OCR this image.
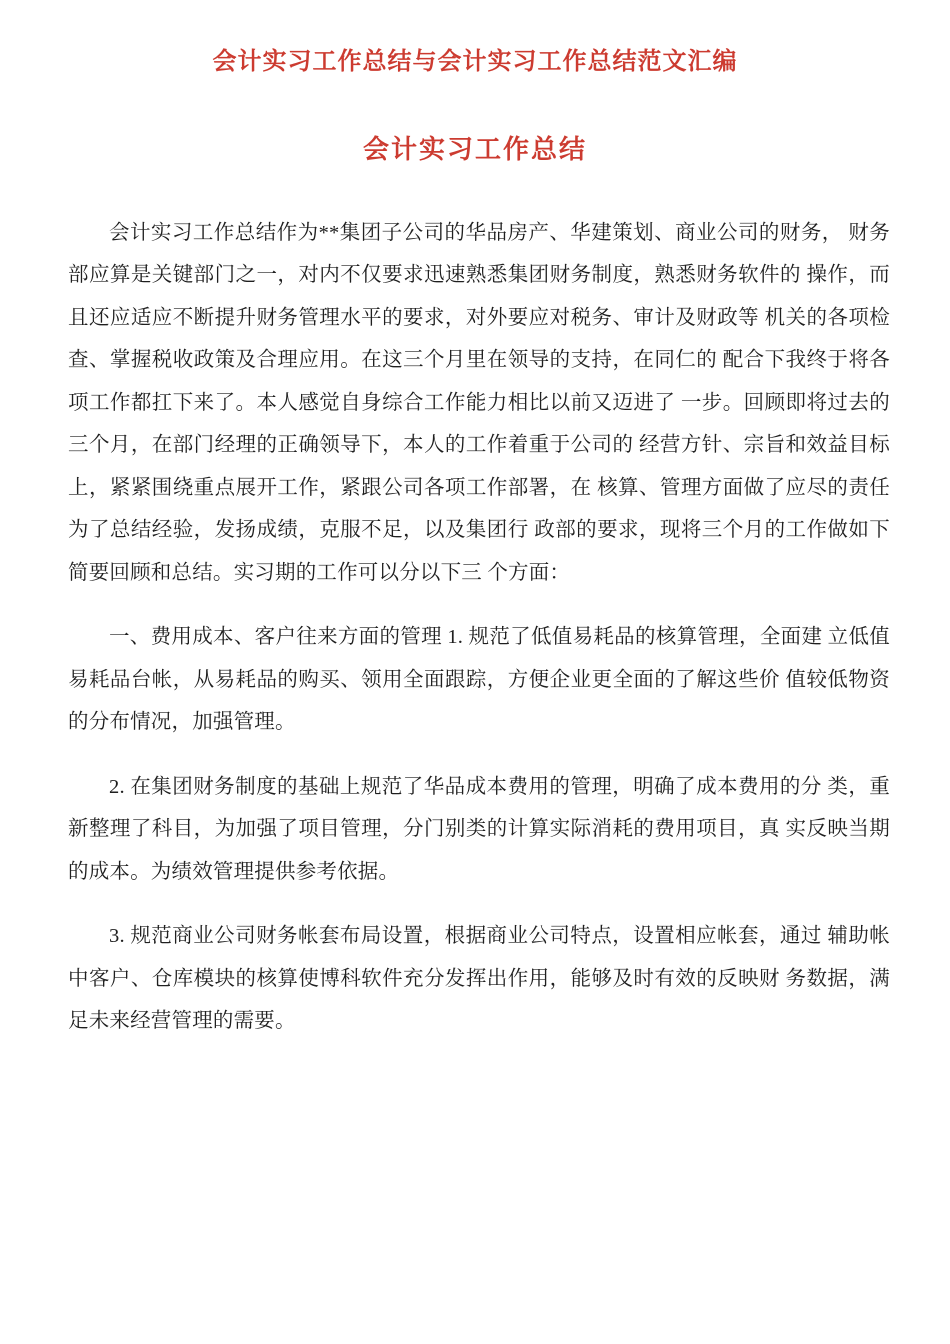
会计实习工作总结与会计实习工作总结范文汇编
会计实习工作总结

会计实习工作总结作为**集团子公司的华品房产、华建策划、商业公司的财务， 财务部应算是关键部门之一，对内不仅要求迅速熟悉集团财务制度，熟悉财务软件的 操作，而且还应适应不断提升财务管理水平的要求，对外要应对税务、审计及财政等 机关的各项检查、掌握税收政策及合理应用。在这三个月里在领导的支持，在同仁的 配合下我终于将各项工作都扛下来了。本人感觉自身综合工作能力相比以前又迈进了 一步。回顾即将过去的三个月，在部门经理的正确领导下，本人的工作着重于公司的 经营方针、宗旨和效益目标上，紧紧围绕重点展开工作，紧跟公司各项工作部署，在 核算、管理方面做了应尽的责任为了总结经验，发扬成绩，克服不足，以及集团行 政部的要求，现将三个月的工作做如下简要回顾和总结。实习期的工作可以分以下三 个方面：

一、费用成本、客户往来方面的管理 1. 规范了低值易耗品的核算管理，全面建 立低值易耗品台帐，从易耗品的购买、领用全面跟踪，方便企业更全面的了解这些价 值较低物资的分布情况，加强管理。

2. 在集团财务制度的基础上规范了华品成本费用的管理，明确了成本费用的分 类，重新整理了科目，为加强了项目管理，分门别类的计算实际消耗的费用项目，真 实反映当期的成本。为绩效管理提供参考依据。

3. 规范商业公司财务帐套布局设置，根据商业公司特点，设置相应帐套，通过 辅助帐中客户、仓库模块的核算使博科软件充分发挥出作用，能够及时有效的反映财 务数据，满足未来经营管理的需要。
